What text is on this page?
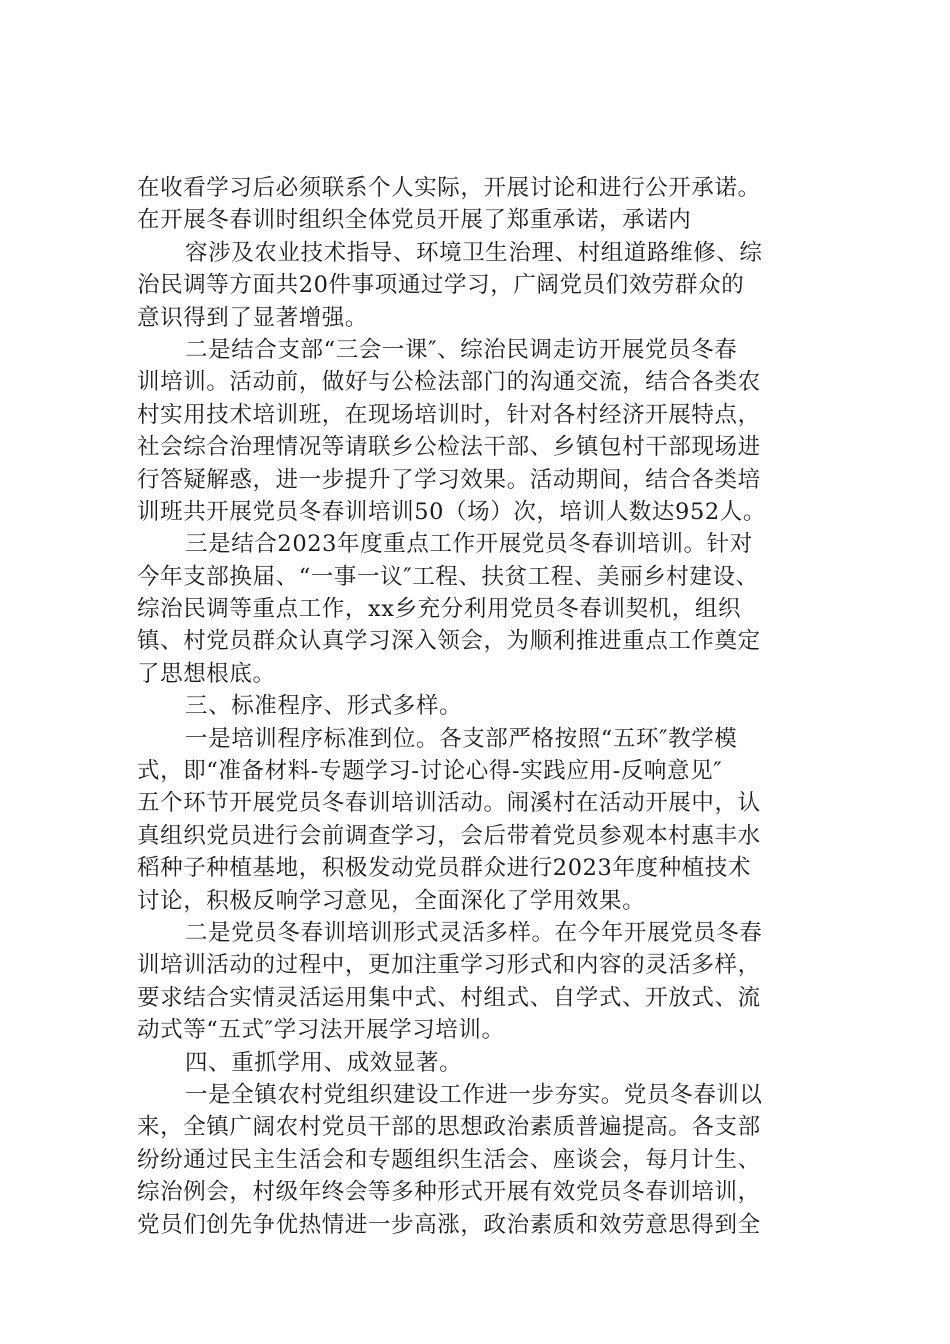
在收看学习后必须联系个人实际，开展讨论和进行公开承诺。
在开展冬春训时组织全体党员开展了郑重承诺，承诺内
容涉及农业技术指导、环境卫生治理、村组道路维修、综
治民调等方面共20件事项通过学习，广阔党员们效劳群众的
意识得到了显著增强。
二是结合支部“三会一课″、综治民调走访开展党员冬春
训培训。活动前，做好与公检法部门的沟通交流，结合各类农
村实用技术培训班，在现场培训时，针对各村经济开展特点，
社会综合治理情况等请联乡公检法干部、乡镇包村干部现场进
行答疑解惑，进一步提升了学习效果。活动期间，结合各类培
训班共开展党员冬春训培训50（场）次，培训人数达952人。
三是结合2023年度重点工作开展党员冬春训培训。针对
今年支部换届、“一事一议″工程、扶贫工程、美丽乡村建设、
综治民调等重点工作，xx乡充分利用党员冬春训契机，组织
镇、村党员群众认真学习深入领会，为顺利推进重点工作奠定
了思想根底。
三、标准程序、形式多样。
一是培训程序标准到位。各支部严格按照“五环″教学模
式，即“准备材料-专题学习-讨论心得-实践应用-反响意见″
五个环节开展党员冬春训培训活动。闹溪村在活动开展中，认
真组织党员进行会前调查学习，会后带着党员参观本村惠丰水
稻种子种植基地，积极发动党员群众进行2023年度种植技术
讨论，积极反响学习意见，全面深化了学用效果。
二是党员冬春训培训形式灵活多样。在今年开展党员冬春
训培训活动的过程中，更加注重学习形式和内容的灵活多样，
要求结合实情灵活运用集中式、村组式、自学式、开放式、流
动式等“五式″学习法开展学习培训。
四、重抓学用、成效显著。
一是全镇农村党组织建设工作进一步夯实。党员冬春训以
来，全镇广阔农村党员干部的思想政治素质普遍提高。各支部
纷纷通过民主生活会和专题组织生活会、座谈会，每月计生、
综治例会，村级年终会等多种形式开展有效党员冬春训培训，
党员们创先争优热情进一步高涨，政治素质和效劳意思得到全
